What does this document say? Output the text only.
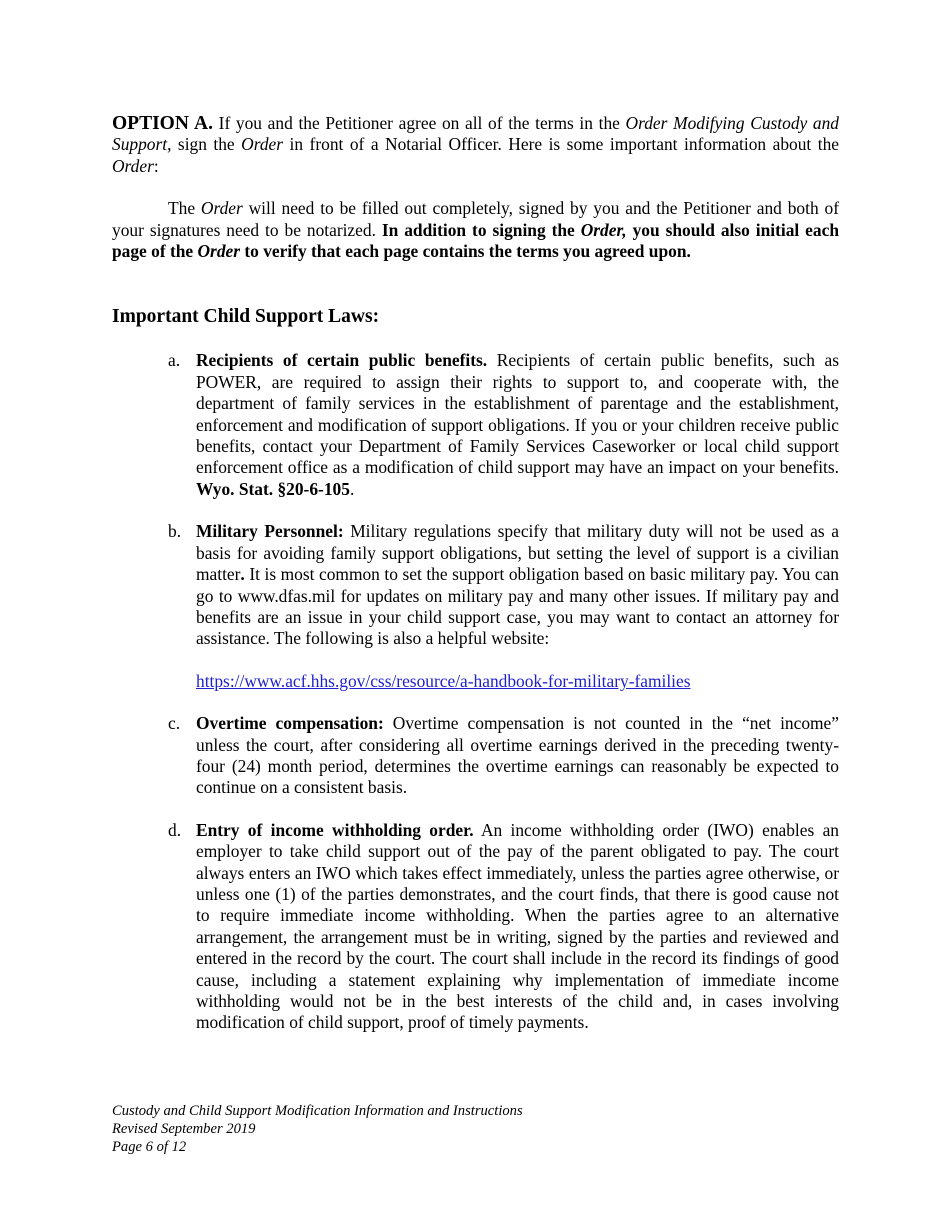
OPTION A. If you and the Petitioner agree on all of the terms in the Order Modifying Custody and Support, sign the Order in front of a Notarial Officer. Here is some important information about the Order:

The Order will need to be filled out completely, signed by you and the Petitioner and both of your signatures need to be notarized. In addition to signing the Order, you should also initial each page of the Order to verify that each page contains the terms you agreed upon.

Important Child Support Laws:
a. Recipients of certain public benefits. Recipients of certain public benefits, such as POWER, are required to assign their rights to support to, and cooperate with, the department of family services in the establishment of parentage and the establishment, enforcement and modification of support obligations. If you or your children receive public benefits, contact your Department of Family Services Caseworker or local child support enforcement office as a modification of child support may have an impact on your benefits. Wyo. Stat. §20-6-105.

b. Military Personnel: Military regulations specify that military duty will not be used as a basis for avoiding family support obligations, but setting the level of support is a civilian matter. It is most common to set the support obligation based on basic military pay. You can go to www.dfas.mil for updates on military pay and many other issues. If military pay and benefits are an issue in your child support case, you may want to contact an attorney for assistance. The following is also a helpful website:

https://www.acf.hhs.gov/css/resource/a-handbook-for-military-families

c. Overtime compensation: Overtime compensation is not counted in the “net income” unless the court, after considering all overtime earnings derived in the preceding twenty-four (24) month period, determines the overtime earnings can reasonably be expected to continue on a consistent basis.

d. Entry of income withholding order. An income withholding order (IWO) enables an employer to take child support out of the pay of the parent obligated to pay. The court always enters an IWO which takes effect immediately, unless the parties agree otherwise, or unless one (1) of the parties demonstrates, and the court finds, that there is good cause not to require immediate income withholding. When the parties agree to an alternative arrangement, the arrangement must be in writing, signed by the parties and reviewed and entered in the record by the court. The court shall include in the record its findings of good cause, including a statement explaining why implementation of immediate income withholding would not be in the best interests of the child and, in cases involving modification of child support, proof of timely payments.

Custody and Child Support Modification Information and Instructions
Revised September 2019
Page 6 of 12
